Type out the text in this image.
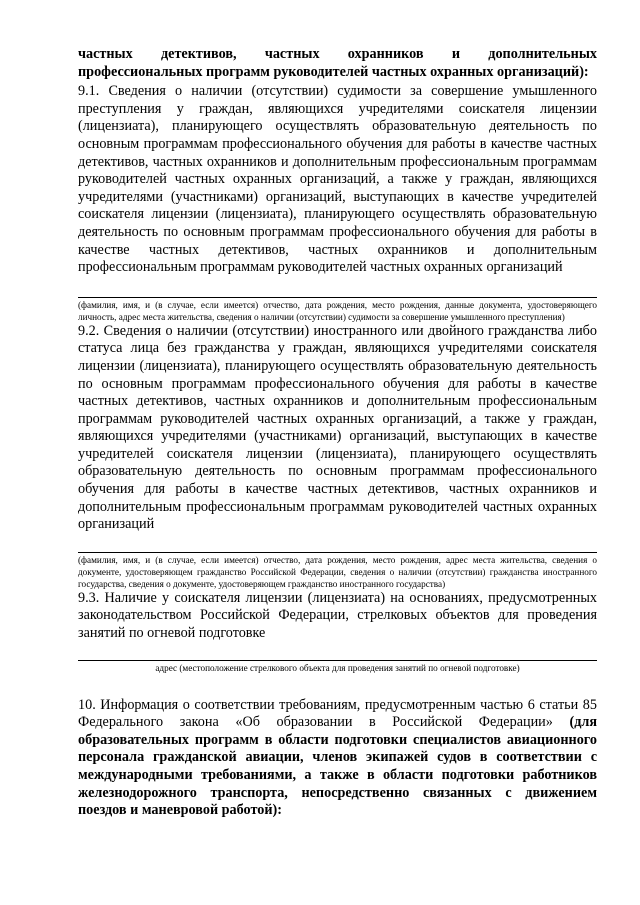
частных детективов, частных охранников и дополнительных профессиональных программ руководителей частных охранных организаций):

9.1. Сведения о наличии (отсутствии) судимости за совершение умышленного преступления у граждан, являющихся учредителями соискателя лицензии (лицензиата), планирующего осуществлять образовательную деятельность по основным программам профессионального обучения для работы в качестве частных детективов, частных охранников и дополнительным профессиональным программам руководителей частных охранных организаций, а также у граждан, являющихся учредителями (участниками) организаций, выступающих в качестве учредителей соискателя лицензии (лицензиата), планирующего осуществлять образовательную деятельность по основным программам профессионального обучения для работы в качестве частных детективов, частных охранников и дополнительным профессиональным программам руководителей частных охранных организаций

(фамилия, имя, и (в случае, если имеется) отчество, дата рождения, место рождения, данные документа, удостоверяющего личность, адрес места жительства, сведения о наличии (отсутствии) судимости за совершение умышленного преступления)

9.2. Сведения о наличии (отсутствии) иностранного или двойного гражданства либо статуса лица без гражданства у граждан, являющихся учредителями соискателя лицензии (лицензиата), планирующего осуществлять образовательную деятельность по основным программам профессионального обучения для работы в качестве частных детективов, частных охранников и дополнительным профессиональным программам руководителей частных охранных организаций, а также у граждан, являющихся учредителями (участниками) организаций, выступающих в качестве учредителей соискателя лицензии (лицензиата), планирующего осуществлять образовательную деятельность по основным программам профессионального обучения для работы в качестве частных детективов, частных охранников и дополнительным профессиональным программам руководителей частных охранных организаций

(фамилия, имя, и (в случае, если имеется) отчество, дата рождения, место рождения, адрес места жительства, сведения о документе, удостоверяющем гражданство Российской Федерации, сведения о наличии (отсутствии) гражданства иностранного государства, сведения о документе, удостоверяющем гражданство иностранного государства)

9.3. Наличие у соискателя лицензии (лицензиата) на основаниях, предусмотренных законодательством Российской Федерации, стрелковых объектов для проведения занятий по огневой подготовке

адрес (местоположение стрелкового объекта для проведения занятий по огневой подготовке)

10. Информация о соответствии требованиям, предусмотренным частью 6 статьи 85 Федерального закона «Об образовании в Российской Федерации» (для образовательных программ в области подготовки специалистов авиационного персонала гражданской авиации, членов экипажей судов в соответствии с международными требованиями, а также в области подготовки работников железнодорожного транспорта, непосредственно связанных с движением поездов и маневровой работой):
